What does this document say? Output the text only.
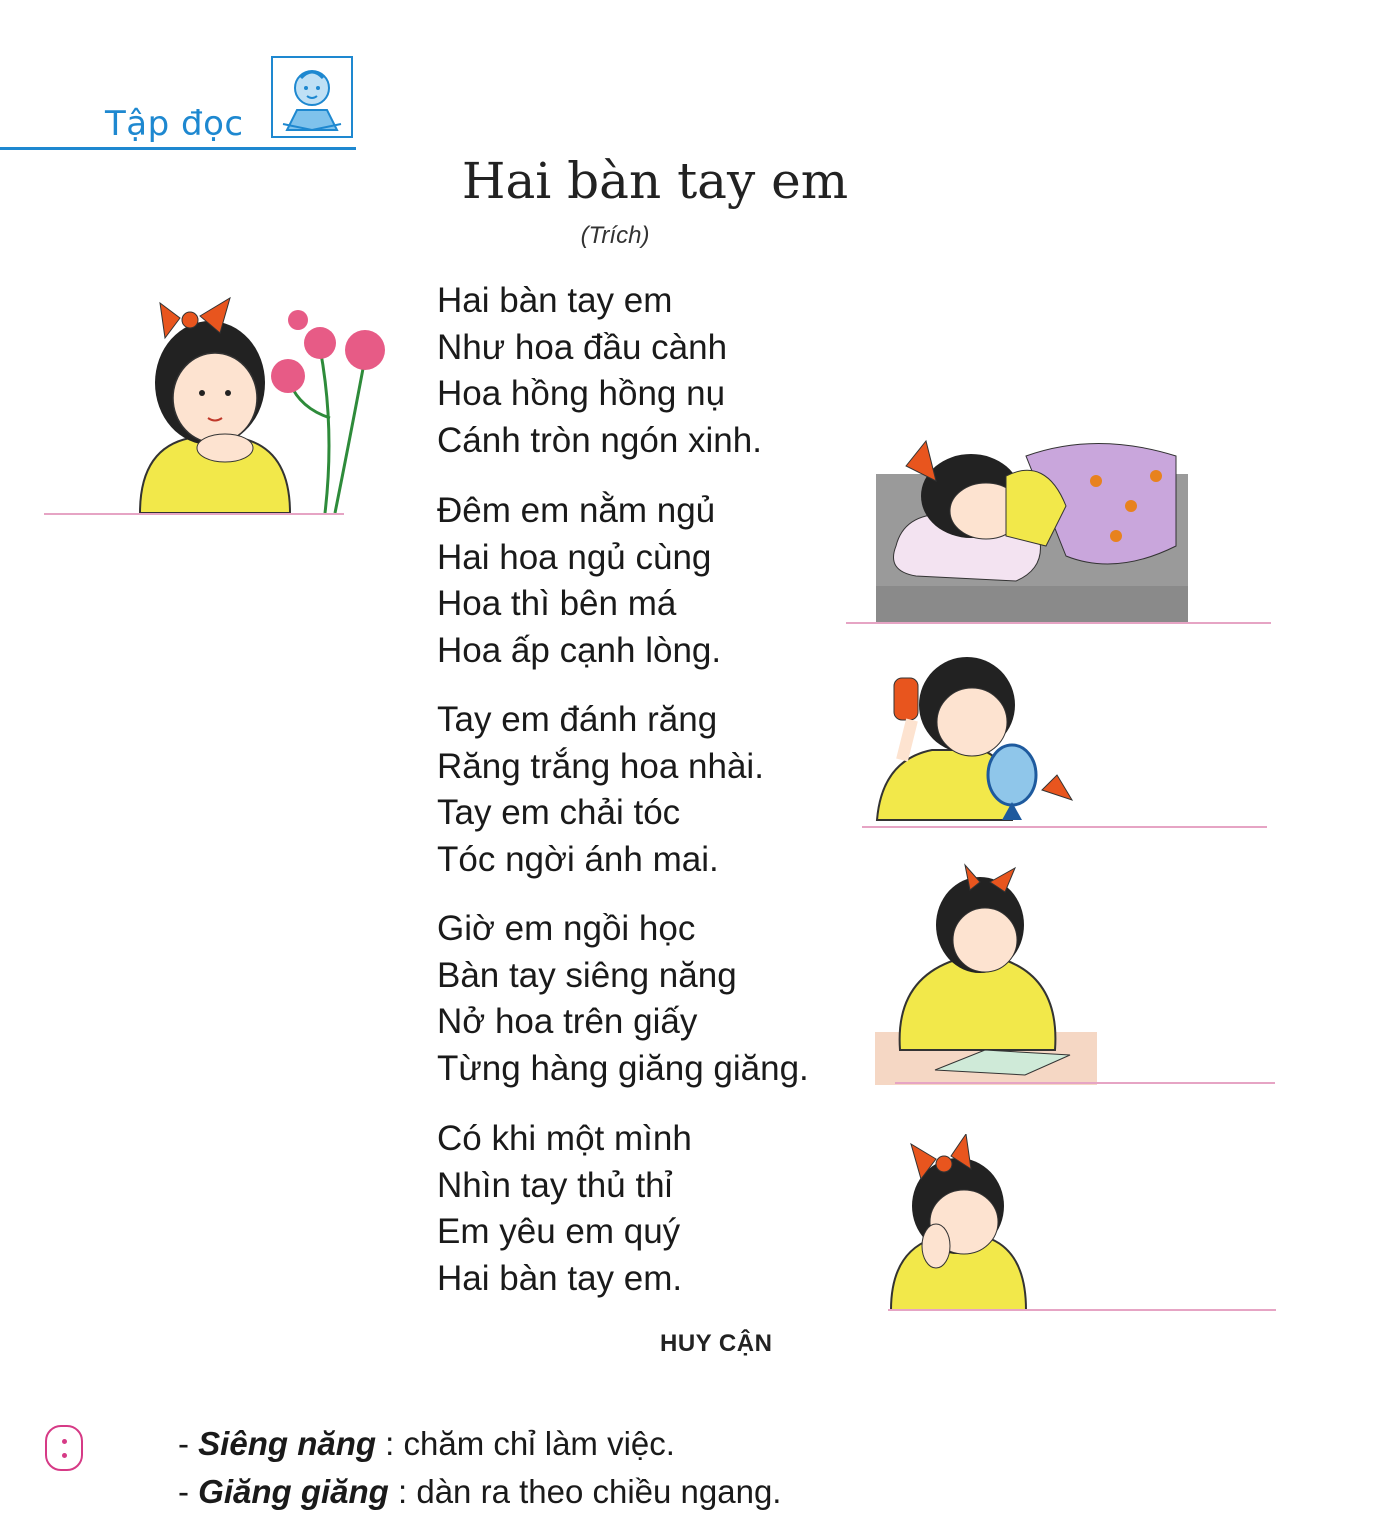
Tập đọc
Hai bàn tay em
(Trích)
Hai bàn tay em
Như hoa đầu cành
Hoa hồng hồng nụ
Cánh tròn ngón xinh.
Đêm em nằm ngủ
Hai hoa ngủ cùng
Hoa thì bên má
Hoa ấp cạnh lòng.
Tay em đánh răng
Răng trắng hoa nhài.
Tay em chải tóc
Tóc ngời ánh mai.
Giờ em ngồi học
Bàn tay siêng năng
Nở hoa trên giấy
Từng hàng giăng giăng.
Có khi một mình
Nhìn tay thủ thỉ
Em yêu em quý
Hai bàn tay em.
HUY CẬN
- Siêng năng : chăm chỉ làm việc.
- Giăng giăng : dàn ra theo chiều ngang.
